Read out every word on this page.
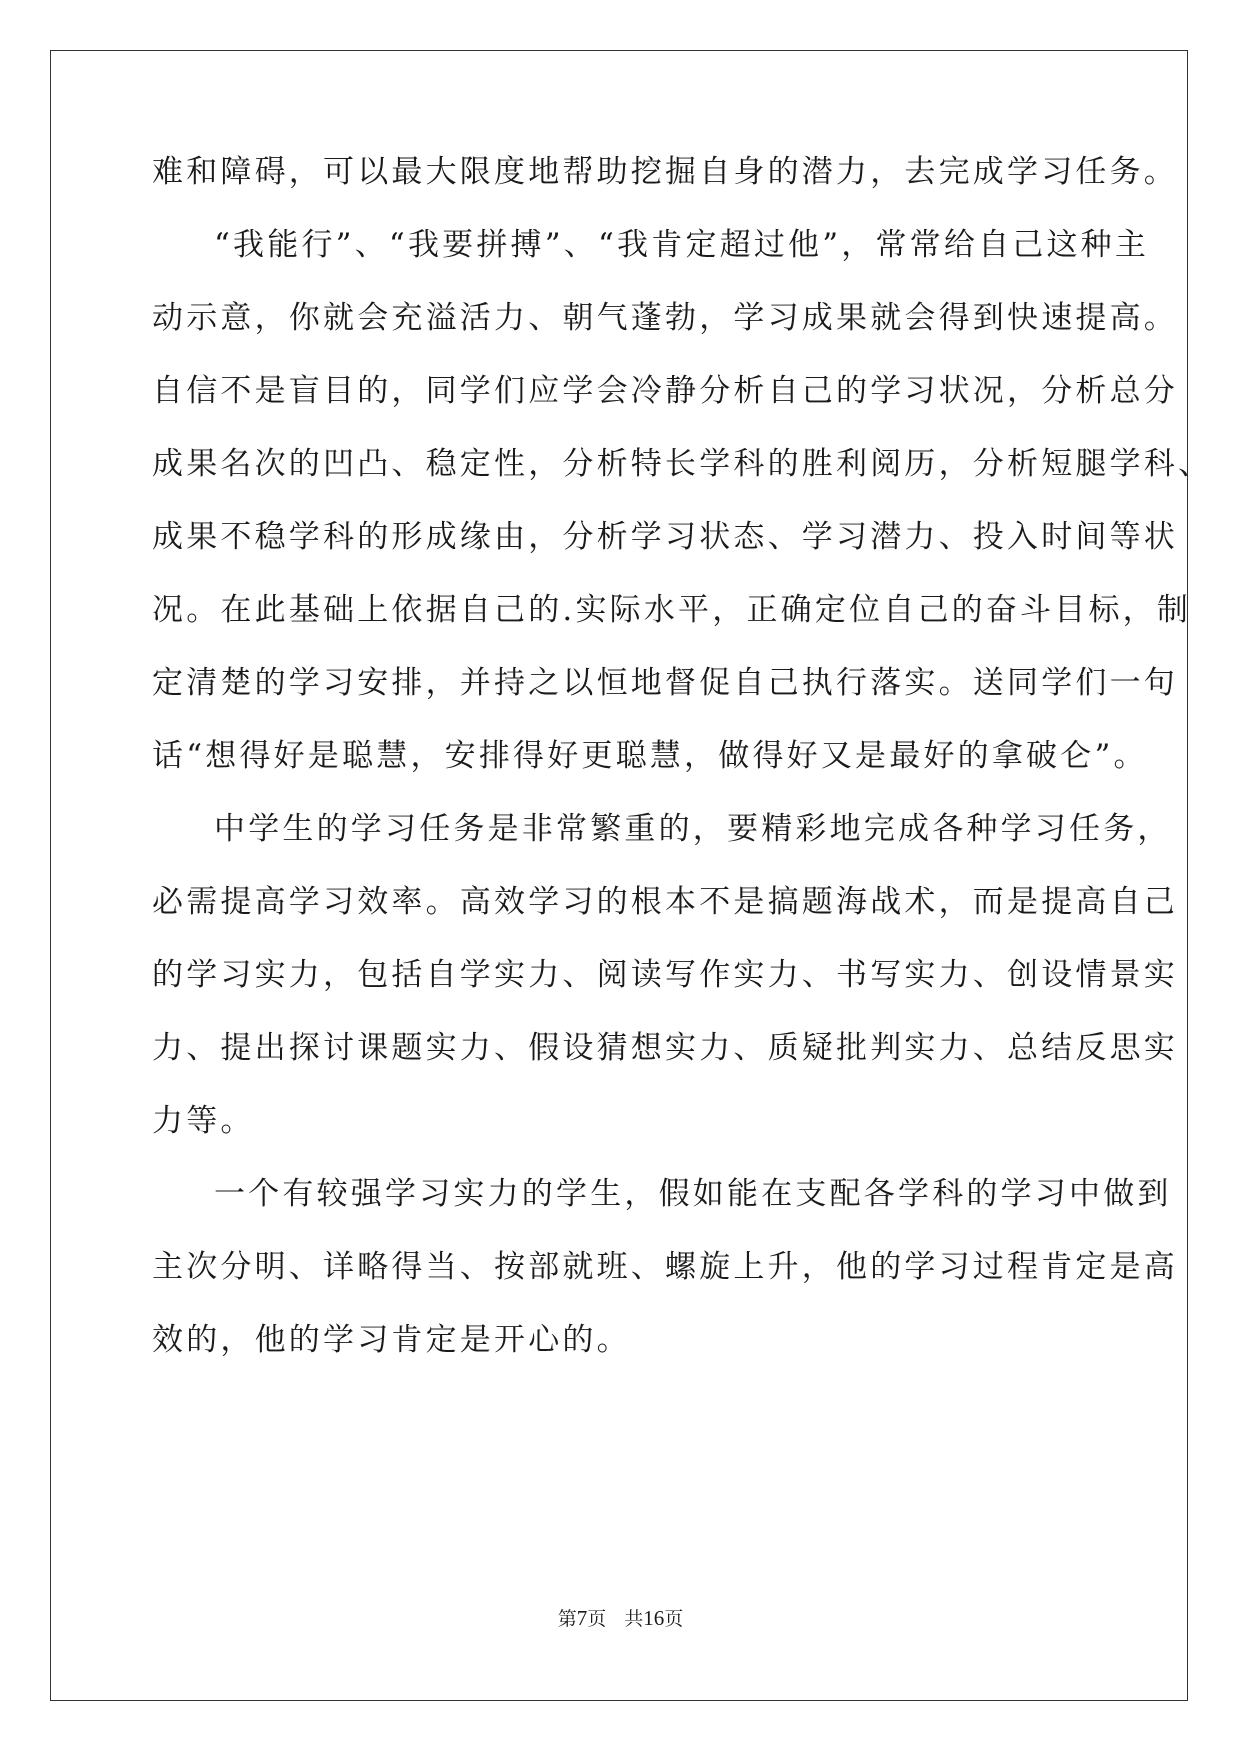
难和障碍，可以最大限度地帮助挖掘自身的潜力，去完成学习任务。
“我能行”、“我要拼搏”、“我肯定超过他”，常常给自己这种主
动示意，你就会充溢活力、朝气蓬勃，学习成果就会得到快速提高。
自信不是盲目的，同学们应学会冷静分析自己的学习状况，分析总分
成果名次的凹凸、稳定性，分析特长学科的胜利阅历，分析短腿学科、
成果不稳学科的形成缘由，分析学习状态、学习潜力、投入时间等状
况。在此基础上依据自己的.实际水平，正确定位自己的奋斗目标，制
定清楚的学习安排，并持之以恒地督促自己执行落实。送同学们一句
话“想得好是聪慧，安排得好更聪慧，做得好又是最好的拿破仑”。
中学生的学习任务是非常繁重的，要精彩地完成各种学习任务，
必需提高学习效率。高效学习的根本不是搞题海战术，而是提高自己
的学习实力，包括自学实力、阅读写作实力、书写实力、创设情景实
力、提出探讨课题实力、假设猜想实力、质疑批判实力、总结反思实
力等。
一个有较强学习实力的学生，假如能在支配各学科的学习中做到
主次分明、详略得当、按部就班、螺旋上升，他的学习过程肯定是高
效的，他的学习肯定是开心的。
第7页 共16页
